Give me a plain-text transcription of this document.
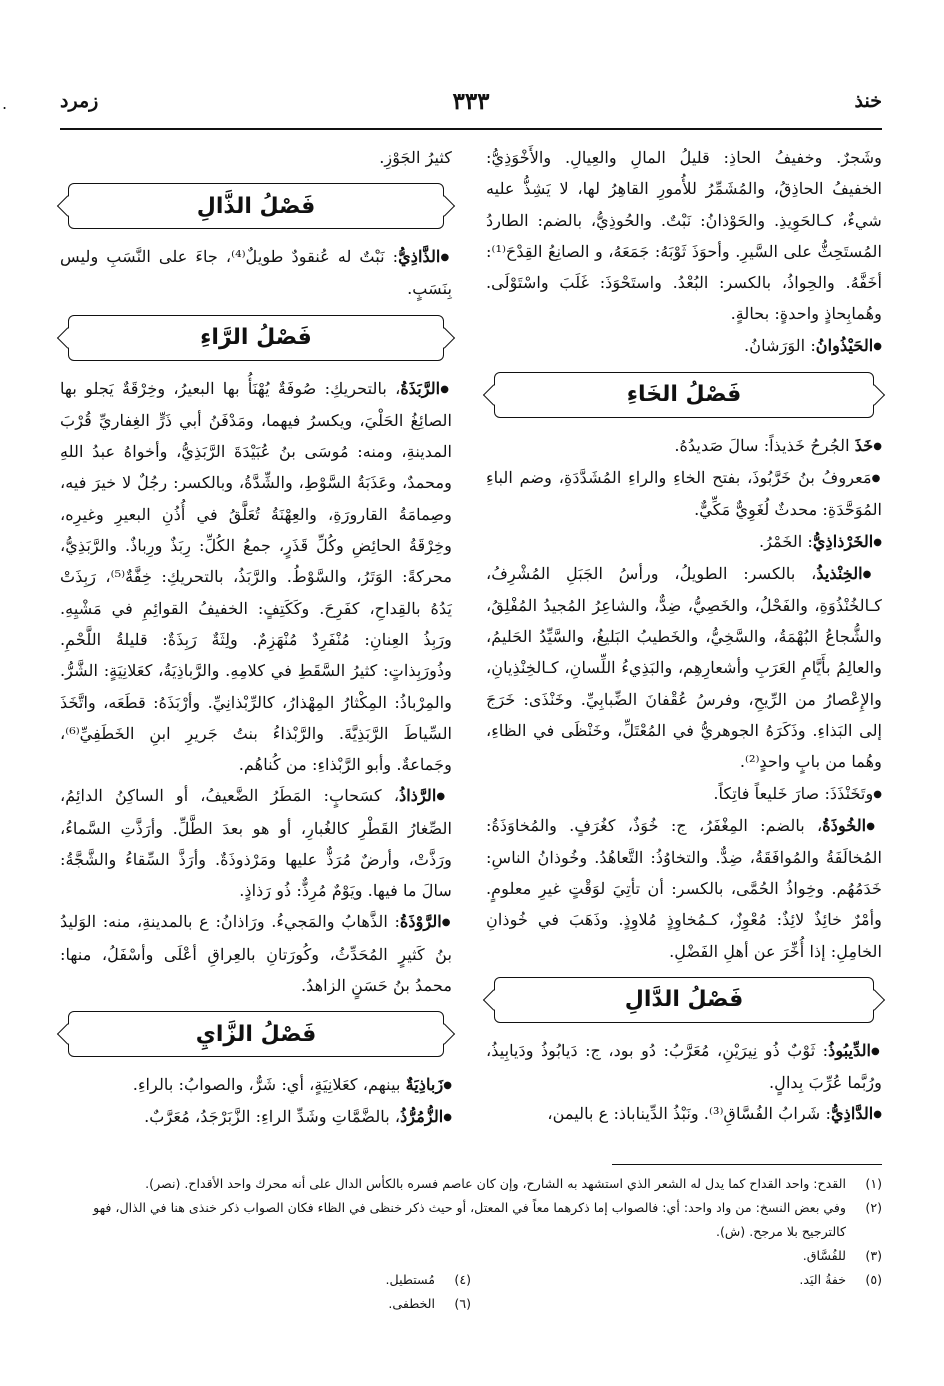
.	خنذ
٣٣٣
زمرد
وشَجرٌ. وخفيفُ الحاذِ: قليلُ المالِ والعِيالِ. والأَخْوَذِيُّ: الخفيفُ الحاذِقُ، والمُشَمِّرُ للأُمورِ القاهِرُ لها، لا يَشِذُّ عليه شيءٌ، كـالحَوِيذِ. والحَوْذانُ: نَبْتٌ. والحُوذِيُّ، بالضم: الطاردُ المُستَحِثُّ على السَّيرِ. وأحوَذَ ثَوْبَهُ: جَمَعَهُ، و الصانِعُ القِدْحَ⁽¹⁾: أخَفَّهُ. والحِواذُ، بالكسر: البُعْدُ. واستَحْوَذَ: غَلَبَ واسْتَوْلَى. وهُمابِحاذٍ واحدةٍ: بحالةٍ.
●الحَيْذُوانُ: الوَرَشانُ.
فَصْلُ الخَاءِ
●خَذَ الجُرحُ خَذيذاً: سالَ صَديدُهُ.
●مَعروفُ بنُ خَرَّبُوذَ، بفتح الخاءِ والراءِ المُشَدَّدَةِ، وضم الباءِ المُوَحَّدَةِ: محدثٌ لُغَوِيٌّ مَكِّيٌّ.
●الخَرْذاذِيُّ: الخَمْرُ.
●الخِنْذيذُ، بالكسر: الطويلُ، ورأسُ الجَبَلِ المُشْرِفُ، كـالخُنْذُوَةِ، والفَحْلُ، والخَصِيُّ، ضِدٌّ، والشاعِرُ المُجيدُ المُفْلِقُ، والشُّجاعُ البُهْمَةُ، والسَّخِيُّ، والخَطيبُ البَليغُ، والسَّيِّدُ الحَليمُ، والعالِمُ بأَيَّامِ العَرَبِ وأشعارِهِم، والبَذِيءُ اللِّسانِ، كـالخِنْذِيانِ، والإِعْصارُ من الرِّيحِ، وفرسُ عُقْفانَ الضِّبابِيِّ. وخَنْذَى: خَرَجَ إلى البَذاءِ. وذَكَرَهُ الجوهريُّ في المُعْتَلِّ، وخَنْظَى في الظاءِ، وهُما من بابٍ واحدٍ⁽²⁾.
●وتَخَنْذَذَ: صارَ خَليعاً فاتِكاً.
●الخُوذَةُ، بالضم: المِغْفَرُ، ج: خُوَذٌ، كغُرَفٍ. والمُخاوَذَةُ: المُخالَفَةُ والمُوافَقَةُ، ضِدٌّ. والتخاوُذُ: التَّعاهُدُ. وخُوذانُ الناسِ: خَدَمُهُم. وخِواذُ الحُمَّى، بالكسر: أن تأتِيَ لوَقْتٍ غيرِ معلومٍ. وأمْرٌ خائِذٌ لائِذٌ: مُعْوِزٌ، كـمُخاوِذٍ مُلاوِذٍ. وذَهَبَ في خُوذانِ الخامِلِ: إذا أُخِّرَ عن أهلِ الفَضْلِ.
فَصْلُ الدَّالِ
●الدِّيبُوذُ: ثَوْبٌ ذُو نِيرَيْنِ، مُعَرَّبُ: دُو بود، ج: دَيابُوذُ ودَيابِيذُ، ورُبَّما عُرِّبَ بِدالٍ.
●الدَّاذِيُّ: شَرابُ الفُسَّاقِ⁽³⁾. ونَبْذُ الدِّيناباذ: ع باليمن،
كثيرُ الجَوْزِ.
فَصْلُ الذَّالِ
●الذَّاذِيُّ: نَبْتٌ له عُنقودٌ طويلٌ⁽⁴⁾، جاءَ على النَّسَبِ وليس بِنَسَبٍ.
فَصْلُ الرَّاءِ
●الرَّبَذَةُ، بالتحريكِ: صُوفَةٌ يُهْنَأُ بها البعيرُ، وخِرْقَةٌ يَجلو بها الصائِغُ الحَلْيَ، ويكسرُ فيهما، ومَدْفَنُ أبي ذَرٍّ الغِفاريِّ قُرْبَ المدينةِ، ومنه: مُوسَى بنُ عُبَيْدَةَ الرَّبَذِيُّ، وأخواهُ عبدُ اللهِ ومحمدٌ، وعَذَبَةُ السَّوْطِ، والشِّدَّةُ، وبالكسر: رجُلٌ لا خيرَ فيه، وصِمامَةُ القارورَةِ، والعِهْنَةُ تُعَلَّقُ في أُذُنِ البعيرِ وغيرِه، وخِرْقَةُ الحائِضِ وكُلِّ قَذَرٍ، جمعُ الكُلِّ: رِبَذٌ ورِباذٌ. والرَّبَذِيُّ، محركةً: الوَتَرُ، والسَّوْطُ. والرَّبَذُ، بالتحريكِ: خِفَّةٌ⁽⁵⁾، رَبِذَتْ يَدُهُ بالقِداحِ، كفَرِحَ. وكَكَتِفٍ: الخفيفُ القوائِمِ في مَشْيِهِ. ورَبِذُ العِنانِ: مُنْفَرِدٌ مُنْهَزِمٌ. ولِثَةٌ رَبِذَةٌ: قليلةُ اللَّحْمِ. وذُورَبِذاتٍ: كثيرُ السَّقَطِ في كلامِهِ. والرَّباذِيَةُ، كعَلانِيَةٍ: الشَّرُّ. والمِرْباذُ: المِكْثارُ المِهْذارُ، كالرِّبْذانِيِّ. وأرْبَذَهُ: قطَعَه، واتَّخَذَ السِّياطَ الرَّبَذِيَّةَ. والرَّبْذاءُ بنتُ جَريرِ ابنِ الخَطَفِيِّ⁽⁶⁾، وجَماعةٌ. وأبو الرَّبْذاءِ: من كُناهُم.
●الرَّذاذُ، كسَحابٍ: المَطَرُ الضَّعيفُ، أو الساكِنُ الدائِمُ، الصِّغارُ القَطْرِ كالغُبارِ، أو هو بعدَ الطَّلِّ. وأرَذَّتِ السَّماءُ، ورَذَّتْ، وأرضٌ مُرَذٌّ عليها ومَرْذوذَةٌ. وأرَذَّ السِّقاءُ والشَّجَّةُ: سالَ ما فيها. ويَوْمٌ مُرِذٌّ: ذُو رَذاذٍ.
●الرَّوْذَةُ: الذَّهابُ والمَجيءُ. ورَاذانُ: ع بالمدينةِ، منه: الوَليدُ بنُ كَثيرٍ المُحَدِّثُ، وكُورَتانِ بالعِراقِ أعْلَى وأسْفَلُ، منها: محمدُ بنُ حَسَنٍ الزاهدُ.
فَصْلُ الزَّايِ
●زَباذِيَةٌ بينهم، كعَلانِيَةٍ، أي: شَرٌّ، والصوابُ: بالراءِ.
●الزُّمُرُّذُ، بالضَّمَّاتِ وشَدِّ الراءِ: الزَّبَرْجَدُ، مُعَرَّبٌ.
(١)
القدح: واحد القداح كما يدل له الشعر الذي استشهد به الشارح، وإن كان عاصم فسره بالكأس الدال على أنه محرك واحد الأقداح. (نصر).
(٢)
وفي بعض النسخ: من واد واحد: أي: فالصواب إما ذكرهما معاً في المعتل، أو حيث ذكر خنظى في الظاء فكان الصواب ذكر خنذى هنا في الذال، فهو كالترجيح بلا مرجح. (ش).
(٣)
للفُسَّاق.
(٥)
خفةُ اليَد.
(٤)
مُستطيل.
(٦)
الخطفى.
